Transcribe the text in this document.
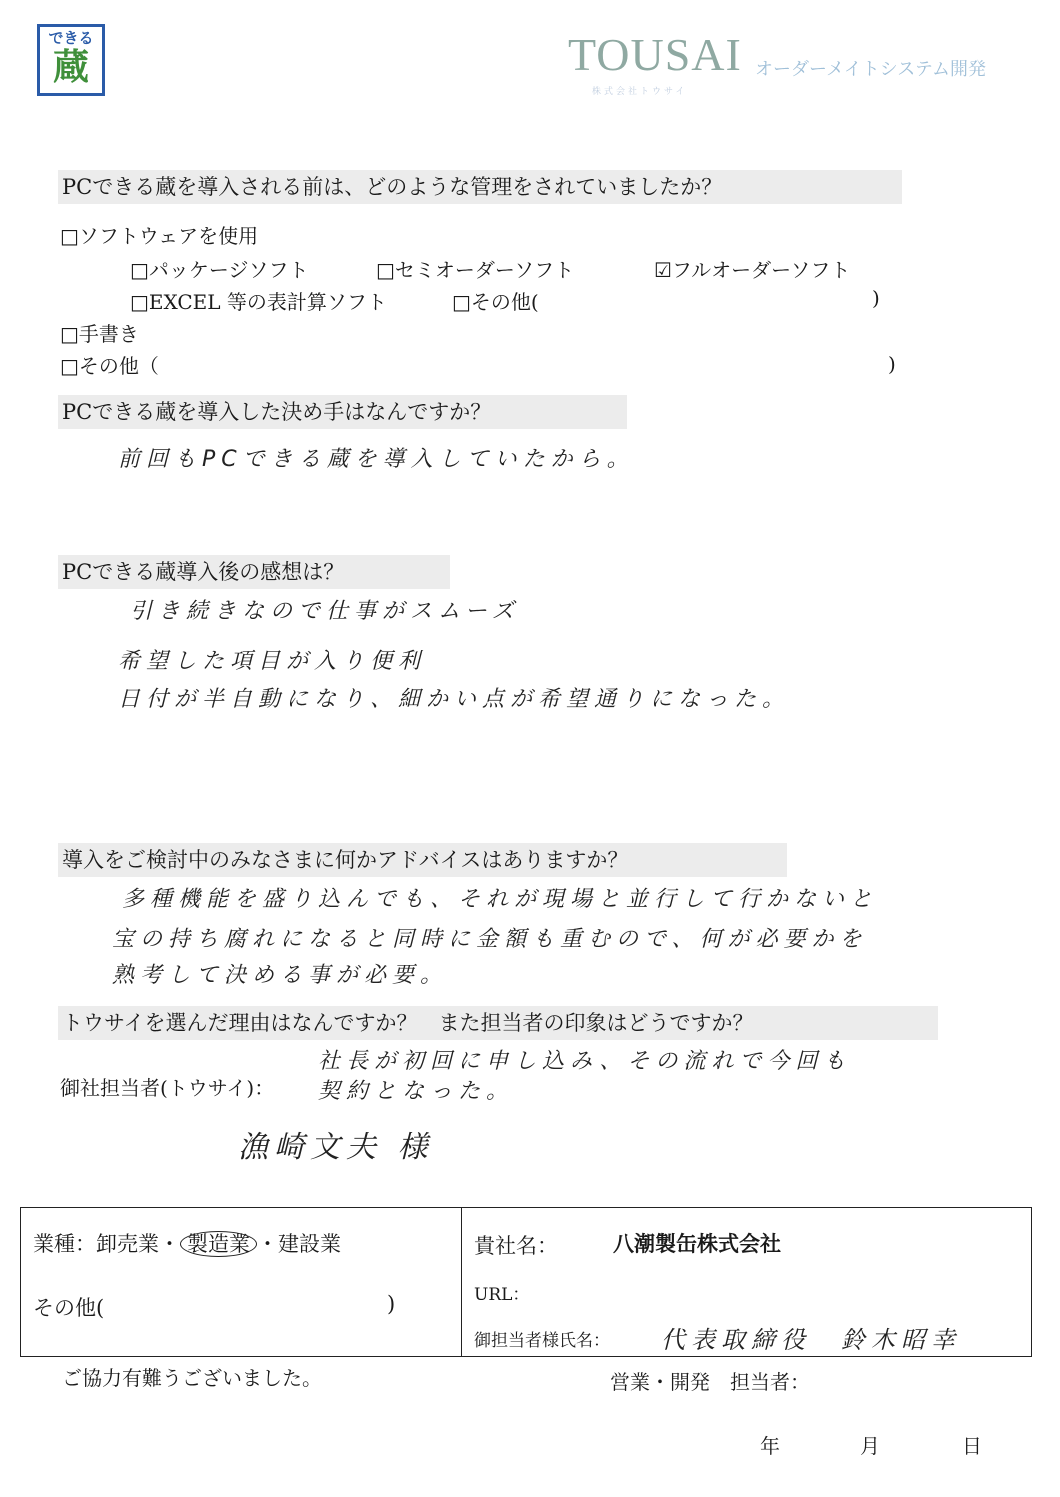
できる
蔵	TOUSAI オーダーメイトシステム開発
株式会社トウサイ
PCできる蔵を導入される前は、どのような管理をされていましたか？
□ソフトウェアを使用
□パッケージソフト	□セミオーダーソフト	☑フルオーダーソフト
□EXCEL 等の表計算ソフト	□その他(	)
□手書き
□その他（	)
PCできる蔵を導入した決め手はなんですか？
前回もPCできる蔵を導入していたから。
PCできる蔵導入後の感想は？
引き続きなので仕事がスムーズ
希望した項目が入り便利
日付が半自動になり、細かい点が希望通りになった。
導入をご検討中のみなさまに何かアドバイスはありますか？
多種機能を盛り込んでも、それが現場と並行して行かないと
宝の持ち腐れになると同時に金額も重むので、何が必要かを
熟考して決める事が必要。
トウサイを選んだ理由はなんですか？　また担当者の印象はどうですか？
社長が初回に申し込み、その流れで今回も
御社担当者(トウサイ)： 契約となった。
漁崎文夫 様
業種：卸売業・ 製造業 ・建設業
その他(	)
貴社名：	八潮製缶株式会社
URL：
御担当者様氏名： 代表取締役　鈴木昭幸
ご協力有難うございました。	営業・開発　担当者：
年	月	日
